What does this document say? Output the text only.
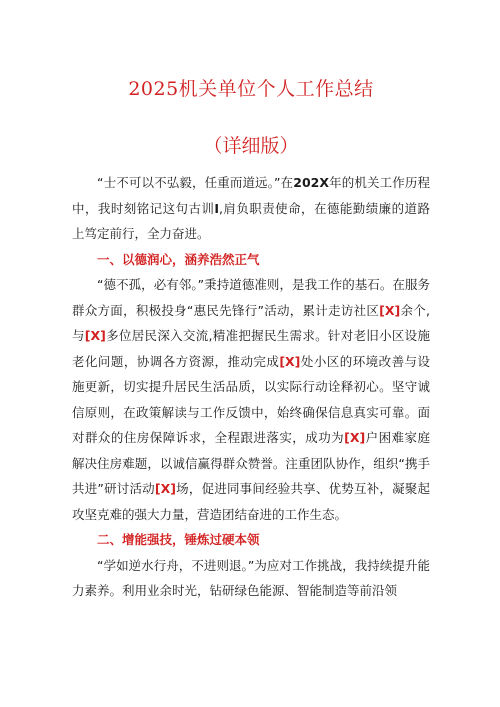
2025机关单位个人工作总结
（详细版）

“士不可以不弘毅，任重而道远。”在202X年的机关工作历程中，我时刻铭记这句古训I,肩负职责使命，在德能勤绩廉的道路上笃定前行，全力奋进。

一、以德润心，涵养浩然正气

“德不孤，必有邻。”秉持道德准则，是我工作的基石。在服务群众方面，积极投身“惠民先锋行”活动，累计走访社区[X]余个,与[X]多位居民深入交流,精准把握民生需求。针对老旧小区设施老化问题，协调各方资源，推动完成[X]处小区的环境改善与设施更新，切实提升居民生活品质，以实际行动诠释初心。坚守诚信原则，在政策解读与工作反馈中，始终确保信息真实可靠。面对群众的住房保障诉求，全程跟进落实，成功为[X]户困难家庭解决住房难题，以诚信赢得群众赞誉。注重团队协作，组织“携手共进”研讨活动[X]场，促进同事间经验共享、优势互补，凝聚起攻坚克难的强大力量，营造团结奋进的工作生态。

二、增能强技，锤炼过硬本领

“学如逆水行舟，不进则退。”为应对工作挑战，我持续提升能力素养。利用业余时光，钻研绿色能源、智能制造等前沿领
